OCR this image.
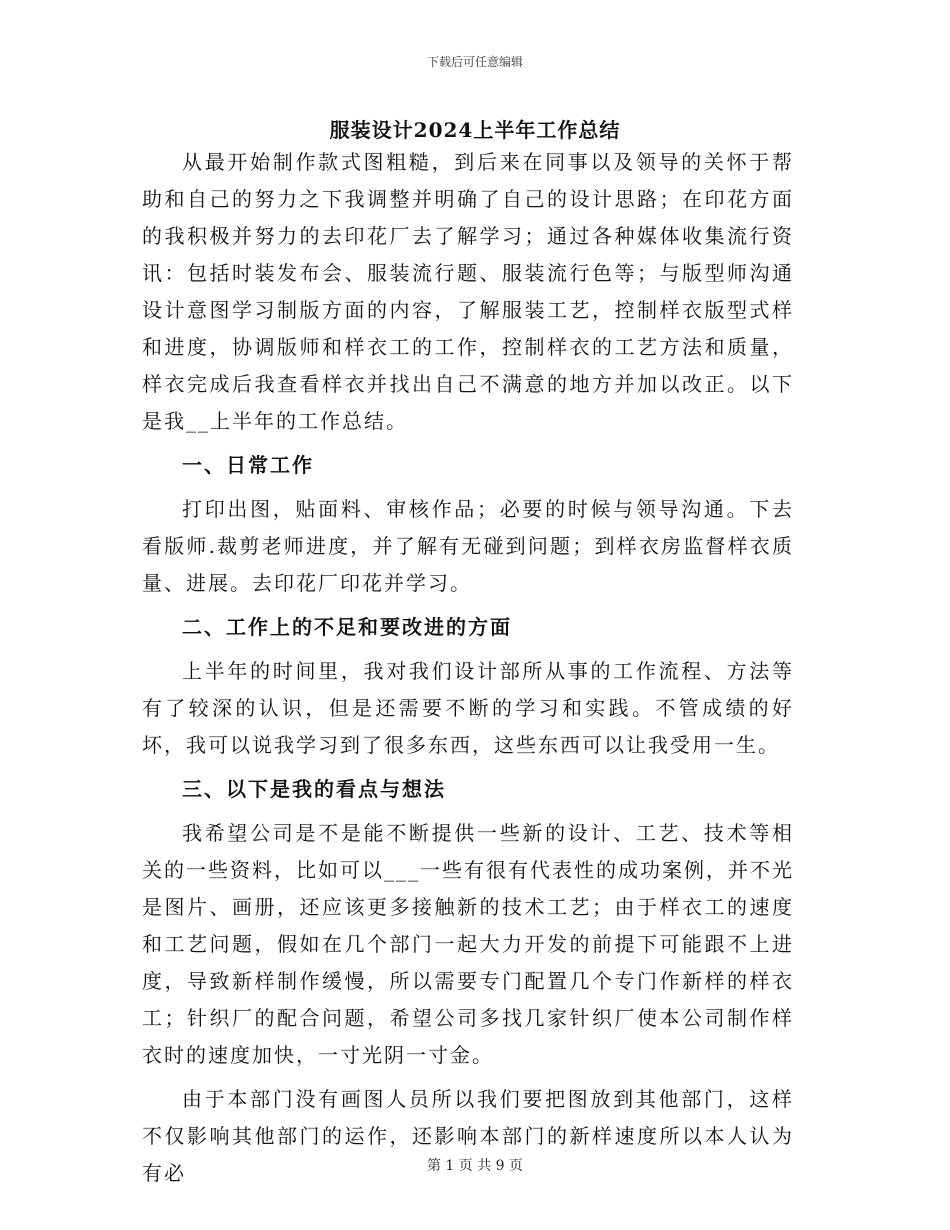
下载后可任意编辑
服装设计2024上半年工作总结

从最开始制作款式图粗糙，到后来在同事以及领导的关怀于帮助和自己的努力之下我调整并明确了自己的设计思路；在印花方面的我积极并努力的去印花厂去了解学习；通过各种媒体收集流行资讯：包括时装发布会、服装流行题、服装流行色等；与版型师沟通设计意图学习制版方面的内容，了解服装工艺，控制样衣版型式样和进度，协调版师和样衣工的工作，控制样衣的工艺方法和质量，样衣完成后我查看样衣并找出自己不满意的地方并加以改正。以下是我__上半年的工作总结。

一、日常工作

打印出图，贴面料、审核作品；必要的时候与领导沟通。下去看版师.裁剪老师进度，并了解有无碰到问题；到样衣房监督样衣质量、进展。去印花厂印花并学习。

二、工作上的不足和要改进的方面

上半年的时间里，我对我们设计部所从事的工作流程、方法等有了较深的认识，但是还需要不断的学习和实践。不管成绩的好坏，我可以说我学习到了很多东西，这些东西可以让我受用一生。

三、以下是我的看点与想法

我希望公司是不是能不断提供一些新的设计、工艺、技术等相关的一些资料，比如可以___一些有很有代表性的成功案例，并不光是图片、画册，还应该更多接触新的技术工艺；由于样衣工的速度和工艺问题，假如在几个部门一起大力开发的前提下可能跟不上进度，导致新样制作缓慢，所以需要专门配置几个专门作新样的样衣工；针织厂的配合问题，希望公司多找几家针织厂使本公司制作样衣时的速度加快，一寸光阴一寸金。

由于本部门没有画图人员所以我们要把图放到其他部门，这样不仅影响其他部门的运作，还影响本部门的新样速度所以本人认为有必	第 1 页 共 9 页
